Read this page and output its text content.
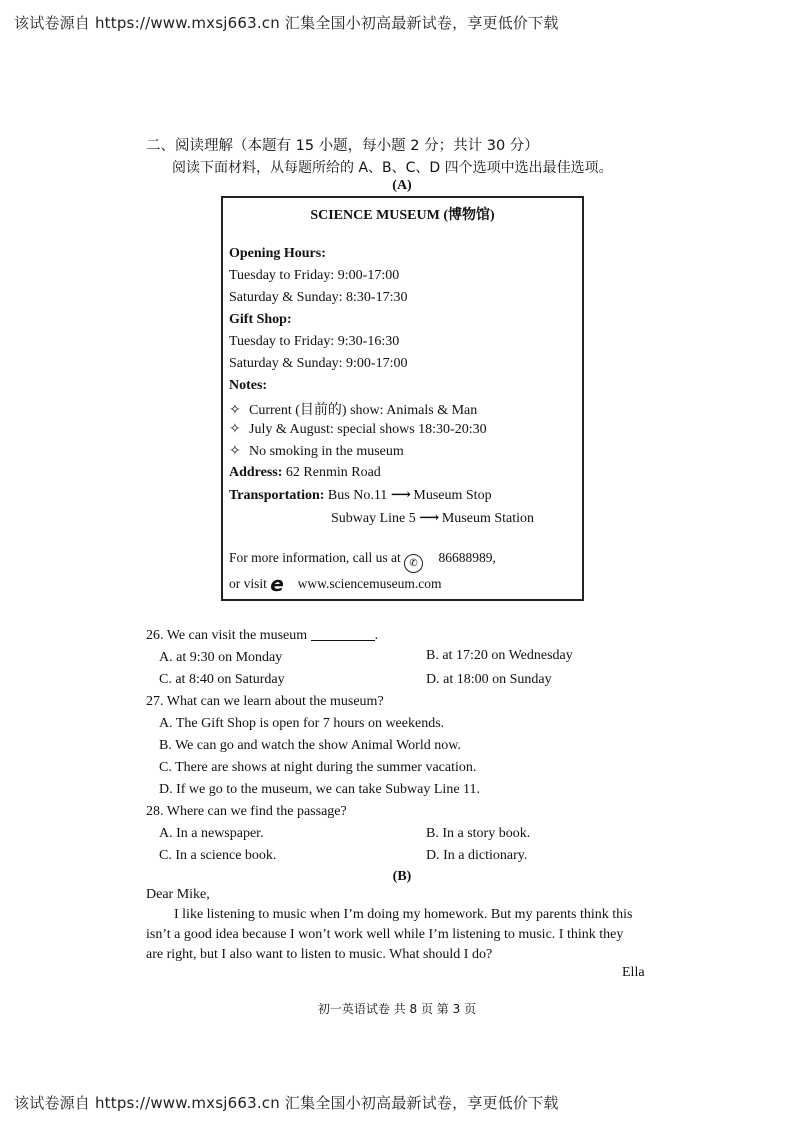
该试卷源自 https://www.mxsj663.cn 汇集全国小初高最新试卷，享更低价下载
二、阅读理解（本题有 15 小题，每小题 2 分；共计 30 分）
阅读下面材料，从每题所给的 A、B、C、D 四个选项中选出最佳选项。
(A)
SCIENCE MUSEUM (博物馆)
Opening Hours:
Tuesday to Friday: 9:00-17:00
Saturday & Sunday: 8:30-17:30
Gift Shop:
Tuesday to Friday: 9:30-16:30
Saturday & Sunday: 9:00-17:00
Notes:
✧ Current (目前的) show: Animals & Man
✧ July & August: special shows 18:30-20:30
✧ No smoking in the museum
Address: 62 Renmin Road
Transportation: Bus No.11 ⟶ Museum Stop
Subway Line 5 ⟶ Museum Station
For more information, call us at ✆ 86688989,
or visit e www.sciencemuseum.com
26. We can visit the museum	.
A. at 9:30 on Monday	B. at 17:20 on Wednesday
C. at 8:40 on Saturday	D. at 18:00 on Sunday
27. What can we learn about the museum?
A. The Gift Shop is open for 7 hours on weekends.
B. We can go and watch the show Animal World now.
C. There are shows at night during the summer vacation.
D. If we go to the museum, we can take Subway Line 11.
28. Where can we find the passage?
A. In a newspaper.	B. In a story book.
C. In a science book.	D. In a dictionary.
(B)
Dear Mike,
I like listening to music when I’m doing my homework. But my parents think this
isn’t a good idea because I won’t work well while I’m listening to music. I think they
are right, but I also want to listen to music. What should I do?
Ella
初一英语试卷 共 8 页 第 3 页
该试卷源自 https://www.mxsj663.cn 汇集全国小初高最新试卷，享更低价下载
